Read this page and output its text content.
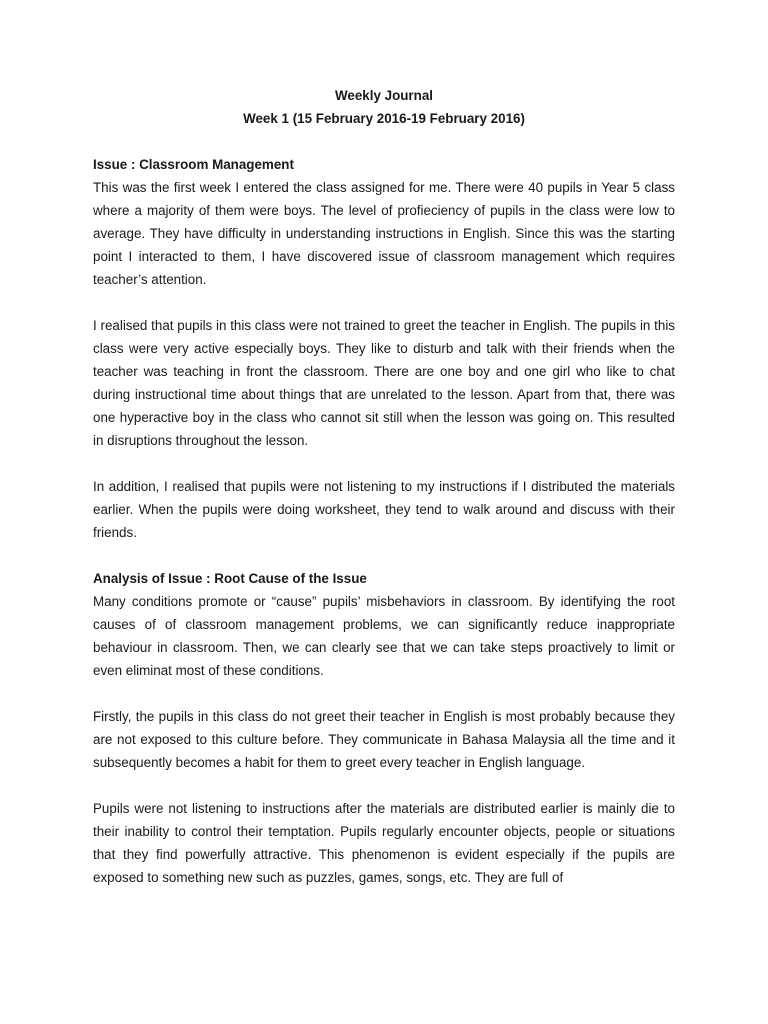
Weekly Journal
Week 1 (15 February 2016-19 February 2016)
Issue : Classroom Management

This was the first week I entered the class assigned for me. There were 40 pupils in Year 5 class where a majority of them were boys. The level of profieciency of pupils in the class were low to average. They have difficulty in understanding instructions in English. Since this was the starting point I interacted to them, I have discovered issue of classroom management which requires teacher’s attention.

I realised that pupils in this class were not trained to greet the teacher in English. The pupils in this class were very active especially boys. They like to disturb and talk with their friends when the teacher was teaching in front the classroom. There are one boy and one girl who like to chat during instructional time about things that are unrelated to the lesson. Apart from that, there was one hyperactive boy in the class who cannot sit still when the lesson was going on. This resulted in disruptions throughout the lesson.

In addition, I realised that pupils were not listening to my instructions if I distributed the materials earlier. When the pupils were doing worksheet, they tend to walk around and discuss with their friends.

Analysis of Issue : Root Cause of the Issue

Many conditions promote or “cause” pupils’ misbehaviors in classroom. By identifying the root causes of of classroom management problems, we can significantly reduce inappropriate behaviour in classroom. Then, we can clearly see that we can take steps proactively to limit or even eliminat most of these conditions.

Firstly, the pupils in this class do not greet their teacher in English is most probably because they are not exposed to this culture before. They communicate in Bahasa Malaysia all the time and it subsequently becomes a habit for them to greet every teacher in English language.

Pupils were not listening to instructions after the materials are distributed earlier is mainly die to their inability to control their temptation. Pupils regularly encounter objects, people or situations that they find powerfully attractive. This phenomenon is evident especially if the pupils are exposed to something new such as puzzles, games, songs, etc. They are full of
